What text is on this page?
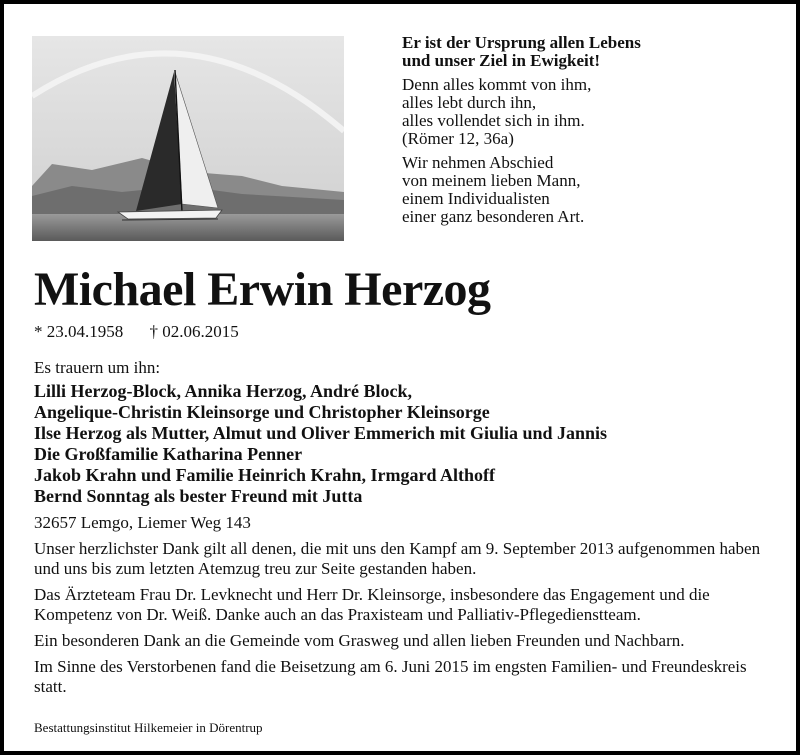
Er ist der Ursprung allen Lebens

und unser Ziel in Ewigkeit!

Denn alles kommt von ihm,

alles lebt durch ihn,

alles vollendet sich in ihm.

(Römer 12, 36a)

Wir nehmen Abschied

von meinem lieben Mann,

einem Individualisten

einer ganz besonderen Art.

Michael Erwin Herzog
* 23.04.1958 † 02.06.2015

Es trauern um ihn:

Lilli Herzog-Block, Annika Herzog, André Block,
Angelique-Christin Kleinsorge und Christopher Kleinsorge
Ilse Herzog als Mutter, Almut und Oliver Emmerich mit Giulia und Jannis
Die Großfamilie Katharina Penner
Jakob Krahn und Familie Heinrich Krahn, Irmgard Althoff
Bernd Sonntag als bester Freund mit Jutta

32657 Lemgo, Liemer Weg 143

Unser herzlichster Dank gilt all denen, die mit uns den Kampf am 9. September 2013 aufgenommen haben und uns bis zum letzten Atemzug treu zur Seite gestanden haben.

Das Ärzteteam Frau Dr. Levknecht und Herr Dr. Kleinsorge, insbesondere das Engagement und die Kompetenz von Dr. Weiß. Danke auch an das Praxisteam und Palliativ-Pflegedienstteam.

Ein besonderen Dank an die Gemeinde vom Grasweg und allen lieben Freunden und Nachbarn.

Im Sinne des Verstorbenen fand die Beisetzung am 6. Juni 2015 im engsten Familien- und Freundeskreis statt.

Bestattungsinstitut Hilkemeier in Dörentrup
